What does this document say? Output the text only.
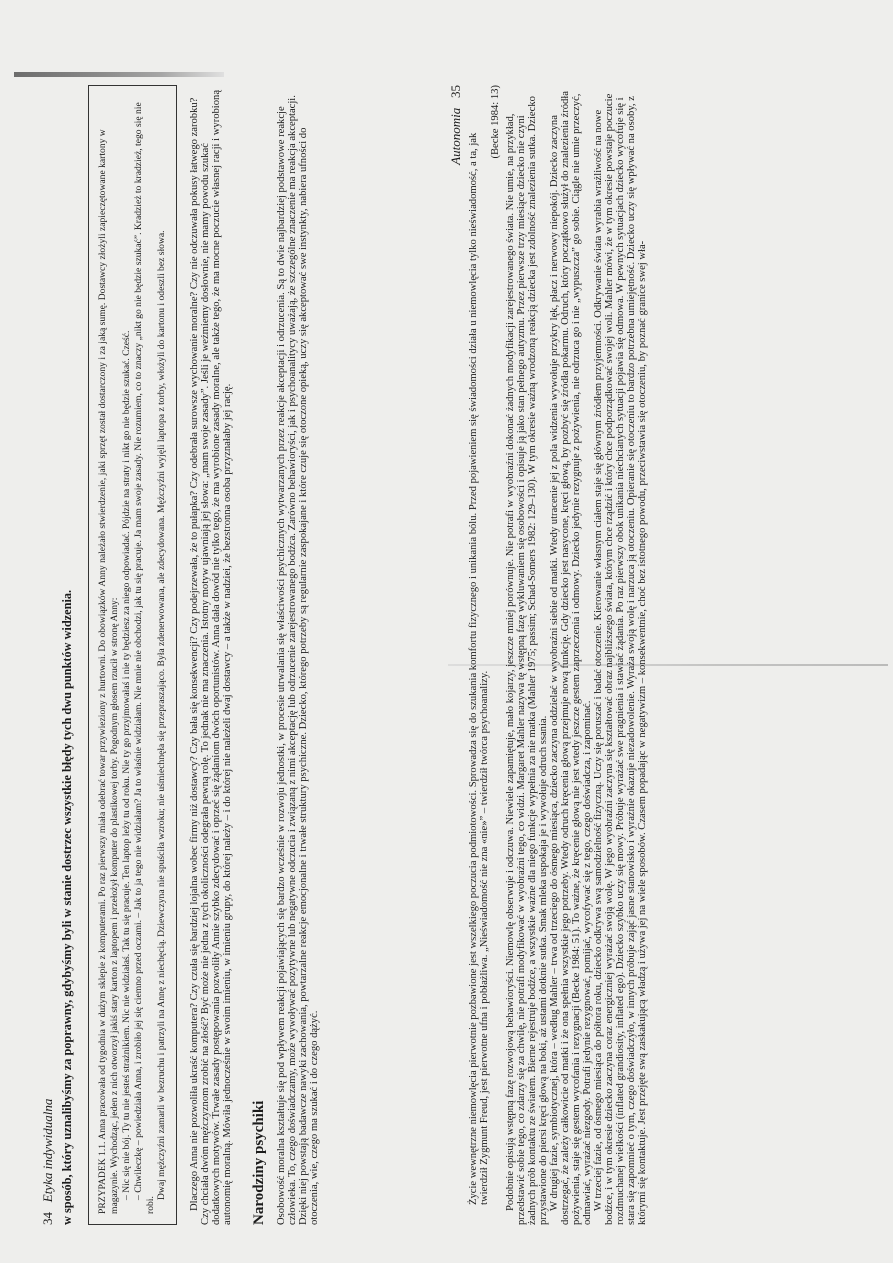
34   Etyka indywidualna w sposób, który uznalibyśmy za poprawny, gdybyśmy byli w stanie dostrzec wszystkie błędy tych dwu punktów widzenia. PRZYPADEK 1.1. Anna pracowała od tygodnia w dużym sklepie z komputerami. Po raz pierwszy miała odebrać towar przywieziony z hurtowni. Do obowiązków Anny należało stwierdzenie, jaki sprzęt został dostarczony i za jaką sumę. Dostawcy złożyli zapieczętowane kartony w magazynie. Wychodząc, jeden z nich otworzył jakiś stary karton z laptopem i przełożył komputer do plastikowej torby. Pogodnym głosem rzucił w stronę Anny: – Nic się nie bój. Ty tu nie jesteś strażnikiem. Nic nie widziałaś. Tak tu się pracuje. Ten laptop leży tu od roku. Nie ty go przyjmowałaś i nie ty będziesz za niego odpowiadać. Pójdzie na straty i nikt go nie będzie szukać. Cześć. – Chwileczkę – powiedziała Anna, i zrobiło jej się ciemno przed oczami. – Jak to ja tego nie widziałam? Ja to właśnie widziałam. Nie mnie nie obchodzi, jak tu się pracuje. Ja mam swoje zasady. Nie rozumiem, co to znaczy „nikt go nie będzie szukać”. Kradzież to kradzież, tego się nie robi.

Dwaj mężczyźni zamarli w bezruchu i patrzyli na Annę z niechęcią. Dziewczyna nie spuściła wzroku; nie uśmiechnęła się przepraszająco. Była zdenerwowana, ale zdecydowana. Mężczyźni wyjęli laptopa z torby, włożyli do kartonu i odeszli bez słowa. Dlaczego Anna nie pozwoliła ukraść komputera? Czy czuła się bardziej lojalna wobec firmy niż dostawcy? Czy bała się konsekwencji? Czy podejrzewała, że to pułapka? Czy odebrała surowsze wychowanie moralne? Czy nie odczuwała pokusy łatwego zarobku? Czy chciała dwóm mężczyznom zrobić na złość? Być może nie jedna z tych okoliczności odegrała pewną rolę. To jednak nie ma znaczenia. Istotny motyw ujawniają jej słowa: „mam swoje zasady”. Jeśli je weźmiemy dosłownie, nie mamy powodu szukać dodatkowych motywów. Trwałe zasady postępowania pozwoliły Annie szybko zdecydować i oprzeć się żądaniom dwóch oportunistów. Anna dała dowód nie tylko tego, że ma wyrobione zasady moralne, ale także tego, że ma mocne poczucie własnej racji i wyrobioną autonomię moralną. Mówiła jednocześnie w swoim imieniu, w imieniu grupy, do której należy – i do której nie należeli dwaj dostawcy – a także w nadziei, że bezstronna osoba przyznałaby jej rację. Narodziny psychiki Osobowość moralna kształtuje się pod wpływem reakcji pojawiających się bardzo wcześnie w rozwoju jednostki, w procesie utrwalania się właściwości psychicznych wytwarzanych przez reakcje akceptacji i odrzucenia. Są to dwie najbardziej podstawowe reakcje człowieka. To, czego doświadczamy, może wywoływać pozytywne lub negatywne odczucia i związaną z nimi akceptację lub odrzucenie zarejestrowanego bodźca. Zarówno behawioryści, jak i psychoanalitycy uważają, że szczególne znaczenie ma reakcja akceptacji. Dzięki niej powstają badawcze nawyki zachowania, powtarzalne reakcje emocjonalne i trwałe struktury psychiczne. Dziecko, którego potrzeby są regularnie zaspokajane i które czuje się otoczone opieką, uczy się akceptować swe instynkty, nabiera ufności do otoczenia, wie, czego ma szukać i do czego dążyć.

Autonomia   35

Życie wewnętrzne niemowlęcia pierwotnie pozbawione jest wszelkiego poczucia podmiotowości. Sprowadza się do szukania komfortu fizycznego i unikania bólu. Przed pojawieniem się świadomości działa u niemowlęcia tylko nieświadomość, a ta, jak twierdził Zygmunt Freud, jest pierwotne ufna i pobłażliwa. „Nieświadomość nie zna «nie»” – twierdził twórca psychoanalizy.

(Becke 1984: 13) Podobnie opisują wstępną fazę rozwojową behawioryści. Niemowlę obserwuje i odczuwa. Niewiele zapamiętuje, mało kojarzy, jeszcze mniej porównuje. Nie potrafi w wyobraźni dokonać żadnych modyfikacji zarejestrowanego świata. Nie umie, na przykład, przedstawić sobie tego, co zdarzy się za chwilę, nie potrafi modyfikować w wyobraźni tego, co widzi. Margaret Mahler nazywa tę wstępną fazę wykluwaniem się osobowości i opisuje ją jako stan pełnego autyzmu. Przez pierwsze trzy miesiące dziecko nie czyni żadnych prób kontaktu ze światem. Bierne rejestruje bodźce, a wszystkie ważne dla niego funkcje wypełnia za nie matka (Mahler 1975; passim; Schad-Somers 1982: 129–130). W tym okresie ważną wrodzoną reakcją dziecka jest zdolność znalezienia sutka. Dziecko przystawione do piersi kręci głową na boki, aż ustami dotknie sutka. Smak mleka uspokaja je i wywołuje odruch ssania. W drugiej fazie, symbiotycznej, która – według Mahler – trwa od trzeciego do ósmego miesiąca, dziecko zaczyna oddzielać w wyobraźni siebie od matki. Wtedy utracenie jej z pola widzenia wywołuje przykry lęk, płacz i nerwowy niepokój. Dziecko zaczyna dostrzegać, że zależy całkowicie od matki i że ona spełnia wszystkie jego potrzeby. Wtedy odruch kręcenia głową przejmuje nową funkcję. Gdy dziecko jest nasycone, kręci głową, by pozbyć się źródła pokarmu. Odruch, który początkowo służył do znalezienia źródła pożywienia, staje się gestem wycofania i rezygnacji (Becke 1984: 51). To ważne, że kręcenie głową nie jest wtedy jeszcze gestem zaprzeczenia i odmowy. Dziecko jedynie rezygnuje z pożywienia, nie odrzuca go i nie „wypuszcza” go sobie. Ciągle nie umie przeczyć, odmawiać, wyrażać niezgody. Potrafi jedynie rezygnować, pomijać, wycofywać się z tego, czego doświadcza, i zapominać. W trzeciej fazie, od ósmego miesiąca do półtora roku, dziecko odkrywa swą samodzielność fizyczną. Uczy się poruszać i badać otoczenie. Kierowanie własnym ciałem staje się głównym źródłem przyjemności. Odkrywanie świata wyrabia wrażliwość na nowe bodźce, i w tym okresie dziecko zaczyna coraz energiczniej wyrażać swoją wolę. W jego wyobraźni zaczyna się kształtować obraz najbliższego świata, którym chce rządzić i który chce podporządkować swojej woli. Mahler mówi, że w tym okresie powstaje poczucie rozdmuchanej wielkości (inflated grandiosity, inflated ego). Dziecko szybko uczy się mowy. Próbuje wyrażać swe pragnienia i stawiać żądania. Po raz pierwszy obok unikania niechcianych sytuacji pojawia się odmowa. W pewnych sytuacjach dziecko wycofuje się i stara się zapomnieć o tym, czego doświadczyło, w innych próbuje zająć jasne stanowisko i wyraźnie okazuje niezadowolenie. Wyraża swoją wolę i narzuca ją otoczeniu. Opieranie się otoczeniu to bardzo potrzebna umiejętność. Dziecko uczy się wpływać na osoby, z którymi się kontaktuje. Jest przejęte swą zaskakującą władzą i używa jej na wiele sposobów. Czasem popadając w negatywizm – konsekwentnie, choć bez istotnego powodu, przeciwstawia się otoczeniu, by poznać granice swej wła-
